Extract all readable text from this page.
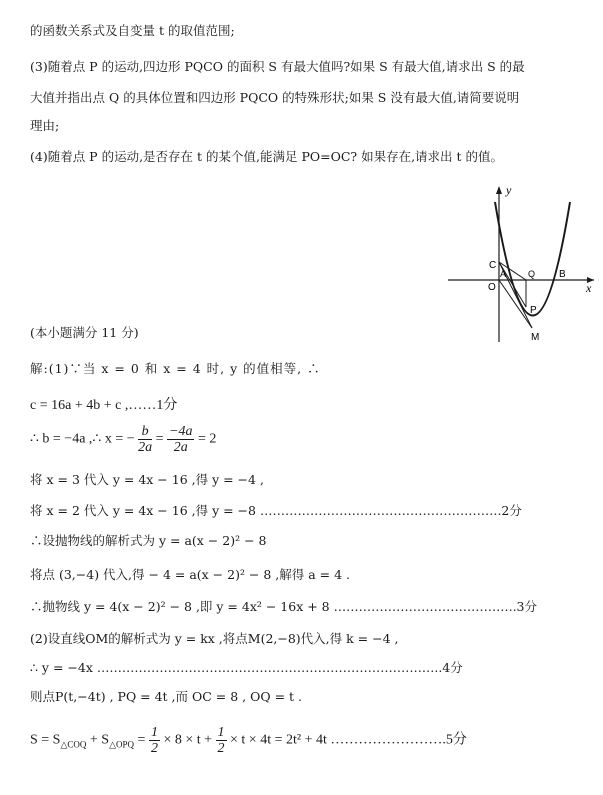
的函数关系式及自变量 t 的取值范围;
(3)随着点 P 的运动,四边形 PQCO 的面积 S 有最大值吗?如果 S 有最大值,请求出 S 的最
大值并指出点 Q 的具体位置和四边形 PQCO 的特殊形状;如果 S 没有最大值,请简要说明
理由;
(4)随着点 P 的运动,是否存在 t 的某个值,能满足 PO=OC? 如果存在,请求出 t 的值。
y
x
C
A Q B
O
P
M
(本小题满分 11 分)
解:(1)∵当 x = 0 和 x = 4 时, y 的值相等, ∴
c = 16a + 4b + c ,……1分
∴ b = −4a ,∴ x = − $\frac{b}{2a} = \frac{-4a}{2a} = 2$
将 x = 3 代入 y = 4x − 16 ,得 y = −4 ,
将 x = 2 代入 y = 4x − 16 ,得 y = −8 ………………………………………………….2分
∴设抛物线的解析式为 y = a(x − 2)² − 8
将点 (3,−4) 代入,得 − 4 = a(x − 2)² − 8 ,解得 a = 4 .
∴抛物线 y = 4(x − 2)² − 8 ,即 y = 4x² − 16x + 8 ……………………………………..3分
(2)设直线OM的解析式为 y = kx ,将点M(2,−8)代入,得 k = −4 ,
∴ y = −4x ………………………………………………………………………..4分
则点P(t,−4t) , PQ = 4t ,而 OC = 8 , OQ = t .
$S = S_{\triangle COQ} + S_{\triangle OPQ} = \frac{1}{2} \times 8 \times t + \frac{1}{2} \times t \times 4t = 2t^2 + 4t$ …………………….5分
